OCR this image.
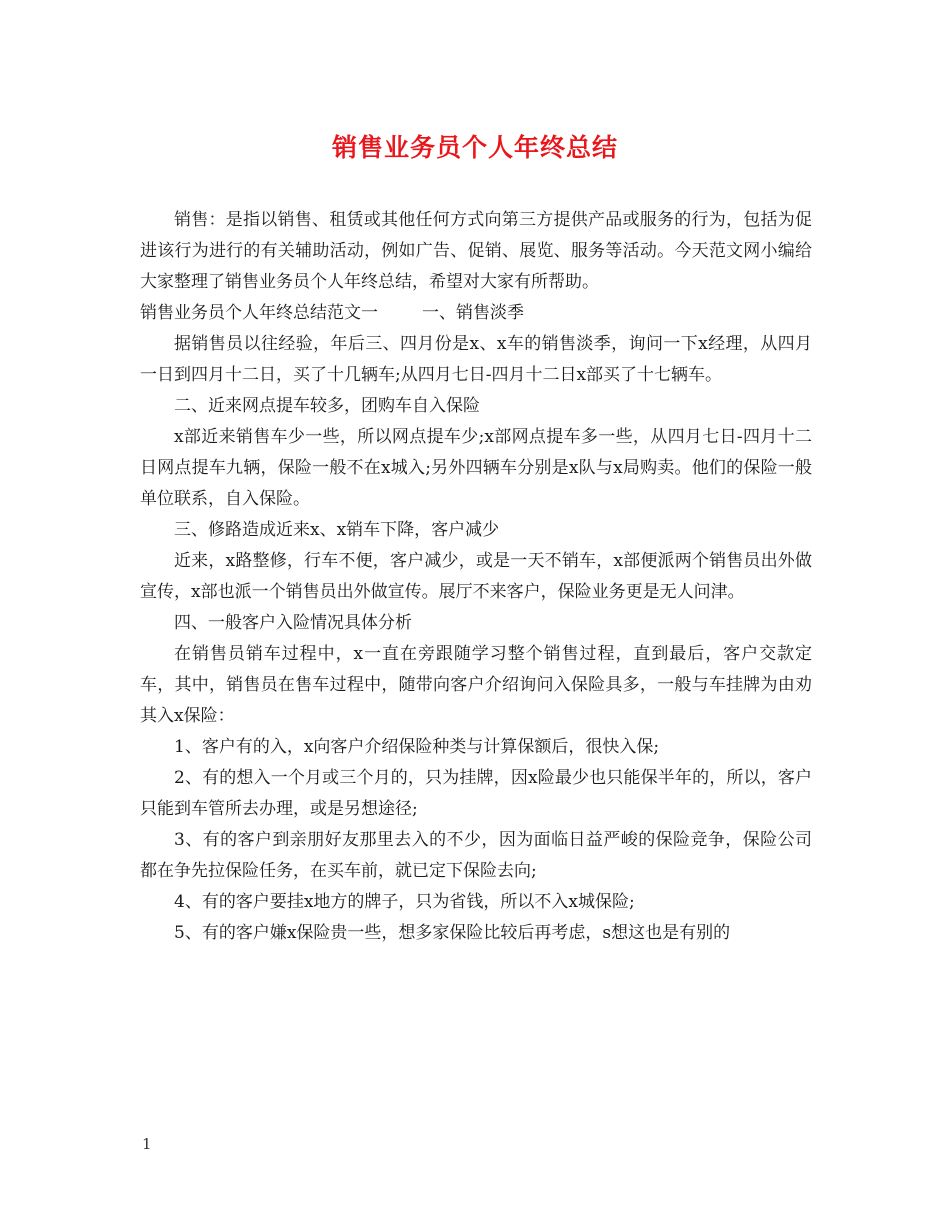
销售业务员个人年终总结

销售：是指以销售、租赁或其他任何方式向第三方提供产品或服务的行为，包括为促进该行为进行的有关辅助活动，例如广告、促销、展览、服务等活动。今天范文网小编给大家整理了销售业务员个人年终总结，希望对大家有所帮助。

销售业务员个人年终总结范文一	一、销售淡季

据销售员以往经验，年后三、四月份是x、x车的销售淡季，询问一下x经理，从四月一日到四月十二日，买了十几辆车;从四月七日-四月十二日x部买了十七辆车。

二、近来网点提车较多，团购车自入保险

x部近来销售车少一些，所以网点提车少;x部网点提车多一些，从四月七日-四月十二日网点提车九辆，保险一般不在x城入;另外四辆车分别是x队与x局购卖。他们的保险一般单位联系，自入保险。

三、修路造成近来x、x销车下降，客户减少

近来，x路整修，行车不便，客户减少，或是一天不销车，x部便派两个销售员出外做宣传，x部也派一个销售员出外做宣传。展厅不来客户，保险业务更是无人问津。

四、一般客户入险情况具体分析

在销售员销车过程中，x一直在旁跟随学习整个销售过程，直到最后，客户交款定车，其中，销售员在售车过程中，随带向客户介绍询问入保险具多，一般与车挂牌为由劝其入x保险：

1、客户有的入，x向客户介绍保险种类与计算保额后，很快入保;

2、有的想入一个月或三个月的，只为挂牌，因x险最少也只能保半年的，所以，客户只能到车管所去办理，或是另想途径;

3、有的客户到亲朋好友那里去入的不少，因为面临日益严峻的保险竞争，保险公司都在争先拉保险任务，在买车前，就已定下保险去向;

4、有的客户要挂x地方的牌子，只为省钱，所以不入x城保险;

5、有的客户嫌x保险贵一些，想多家保险比较后再考虑，s想这也是有别的

1
